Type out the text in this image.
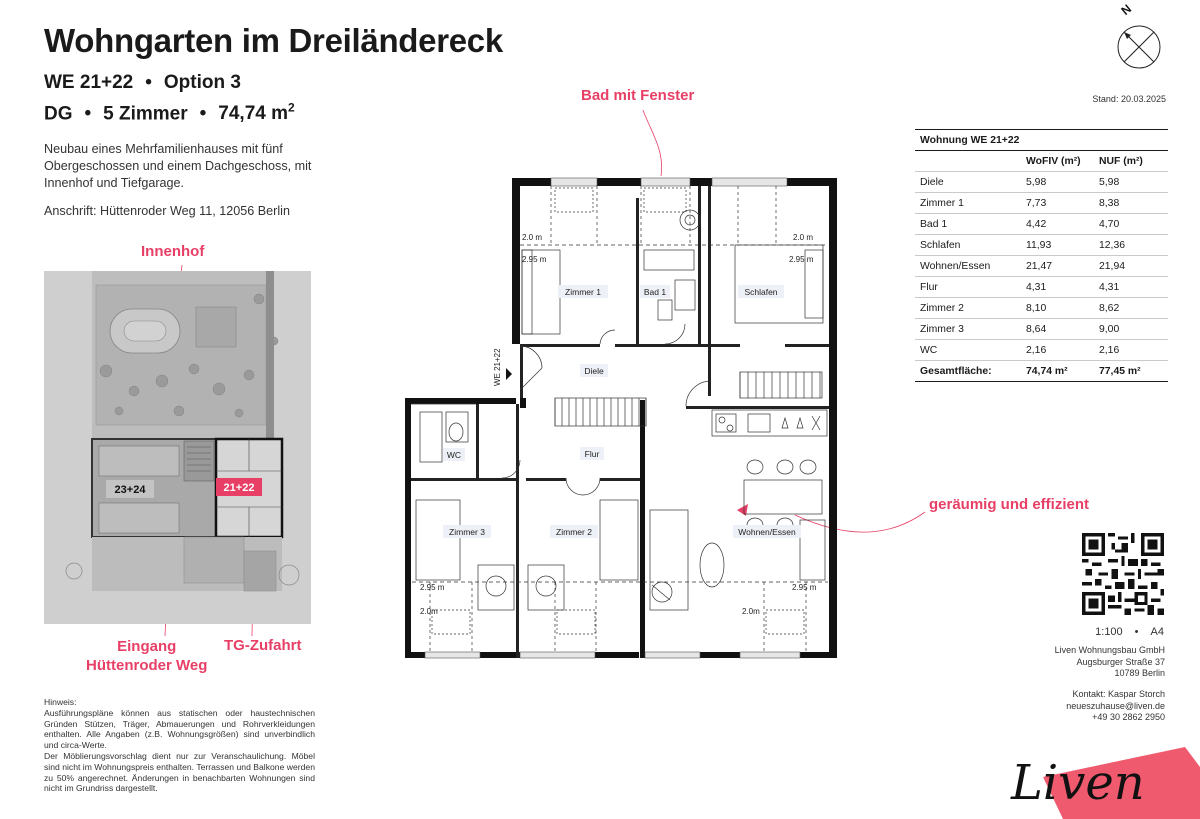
Wohngarten im Dreiländereck
WE 21+22 • Option 3
DG • 5 Zimmer • 74,74 $m^2$
Neubau eines Mehrfamilienhauses mit fünf Obergeschossen und einem Dachgeschoss, mit Innenhof und Tiefgarage.
Anschrift: Hüttenroder Weg 11, 12056 Berlin
Innenhof
Bad mit Fenster
geräumig und effizient
Eingang
Hüttenroder Weg
TG-Zufahrt
21+22
23+24
WE 21+22
Zimmer 1	Bad 1	Schlafen
Diele
WC	Flur
Zimmer 3	Zimmer 2	Wohnen/Essen
2.0 m
2.95 m
2.0 m
2.95 m
2.95 m
2.0m
2.95 m
2.0m
Hinweis:
Ausführungspläne können aus statischen oder haustechnischen Gründen Stützen, Träger, Abmauerungen und Rohrverkleidungen enthalten. Alle Angaben (z.B. Wohnungsgrößen) sind unverbindlich und circa-Werte.
Der Möblierungsvorschlag dient nur zur Veranschaulichung. Möbel sind nicht im Wohnungspreis enthalten. Terrassen und Balkone werden zu 50% angerechnet. Änderungen in benachbarten Wohnungen sind nicht im Grundriss dargestellt.
N
Stand: 20.03.2025
Wohnung WE 21+22		
	WoFIV (m²)	NUF (m²)
Diele	5,98	5,98
Zimmer 1	7,73	8,38
Bad 1	4,42	4,70
Schlafen	11,93	12,36
Wohnen/Essen	21,47	21,94
Flur	4,31	4,31
Zimmer 2	8,10	8,62
Zimmer 3	8,64	9,00
WC	2,16	2,16
Gesamtfläche:	74,74 m²	77,45 m²
1:100 • A4
Liven Wohnungsbau GmbH
Augsburger Straße 37
10789 Berlin
Kontakt: Kaspar Storch
neueszuhause@liven.de
+49 30 2862 2950
Liven
